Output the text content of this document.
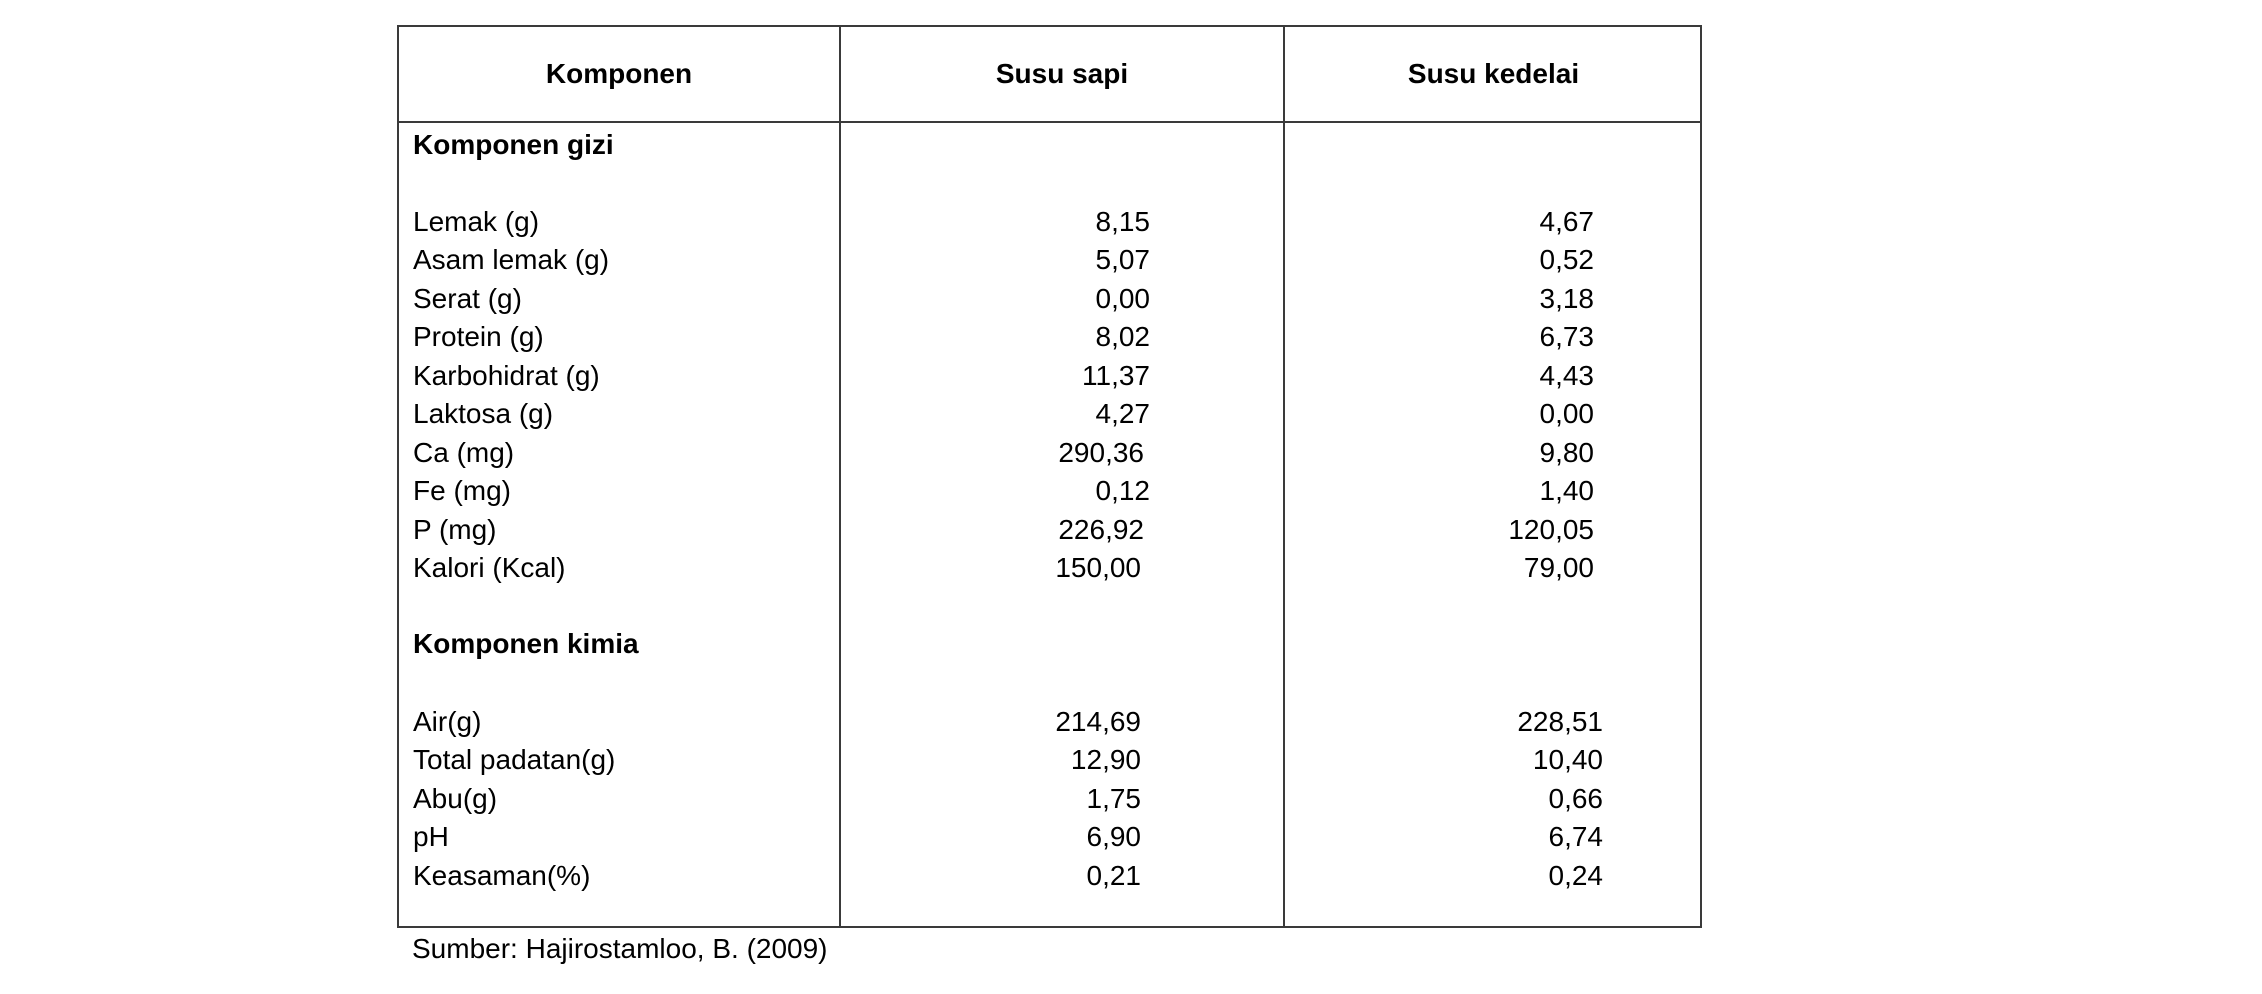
Komponen	Susu sapi	Susu kedelai
Komponen gizi
Lemak (g)	8,15	4,67
Asam lemak (g)	5,07	0,52
Serat (g)	0,00	3,18
Protein (g)	8,02	6,73
Karbohidrat (g)	11,37	4,43
Laktosa (g)	4,27	0,00
Ca (mg)	290,36	9,80
Fe (mg)	0,12	1,40
P (mg)	226,92	120,05
Kalori (Kcal)	150,00	79,00
Komponen kimia
Air(g)	214,69	228,51
Total padatan(g)	12,90	10,40
Abu(g)	1,75	0,66
pH	6,90	6,74
Keasaman(%)	0,21	0,24
Sumber: Hajirostamloo, B. (2009)
